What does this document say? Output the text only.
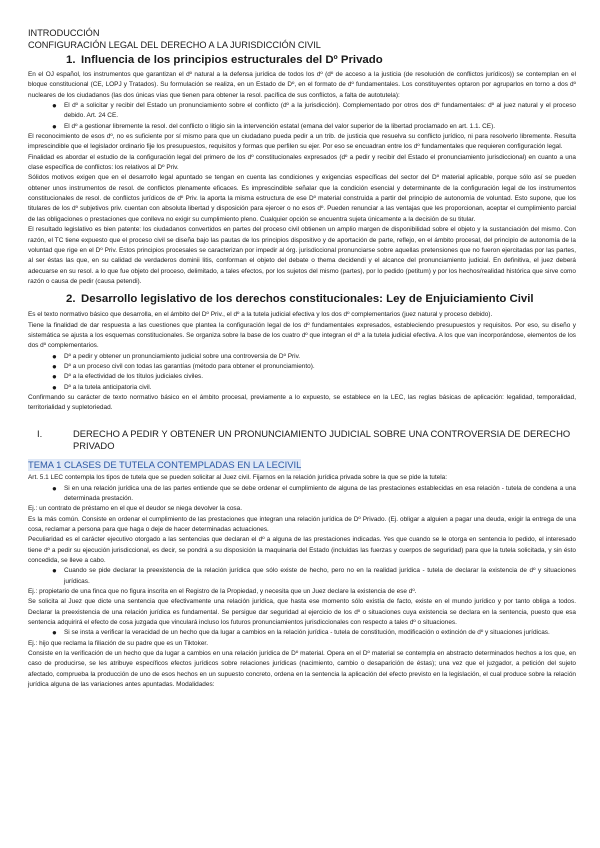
INTRODUCCIÓN
CONFIGURACIÓN LEGAL DEL DERECHO A LA JURISDICCIÓN CIVIL
1. Influencia de los principios estructurales del Dº Privado

En el OJ español, los instrumentos que garantizan el dº natural a la defensa jurídica de todos los dº (dº de acceso a la justicia (de resolución de conflictos jurídicos)) se contemplan en el bloque constitucional (CE, LOPJ y Tratados). Su formulación se realiza, en un Estado de Dº, en el formato de dº fundamentales. Los constituyentes optaron por agruparlos en torno a dos dº nucleares de los ciudadanos (las dos únicas vías que tienen para obtener la resol. pacífica de sus conflictos, a falta de autotutela):

● El dº a solicitar y recibir del Estado un pronunciamiento sobre el conflicto (dº a la jurisdicción). Complementado por otros dos dº fundamentales: dº al juez natural y el proceso debido. Art. 24 CE.
● El dº a gestionar libremente la resol. del conflicto o litigio sin la intervención estatal (emana del valor superior de la libertad proclamado en art. 1.1. CE).

El reconocimiento de esos dº, no es suficiente por sí mismo para que un ciudadano pueda pedir a un trib. de justicia que resuelva su conflicto jurídico, ni para resolverlo libremente. Resulta imprescindible que el legislador ordinario fije los presupuestos, requisitos y formas que perfilen su ejer. Por eso se encuadran entre los dº fundamentales que requieren configuración legal.

Finalidad es abordar el estudio de la configuración legal del primero de los dº constitucionales expresados (dº a pedir y recibir del Estado el pronunciamiento jurisdiccional) en cuanto a una clase específica de conflictos: los relativos al Dº Priv.

Sólidos motivos exigen que en el desarrollo legal apuntado se tengan en cuenta las condiciones y exigencias específicas del sector del Dº material aplicable, porque sólo así se pueden obtener unos instrumentos de resol. de conflictos plenamente eficaces. Es imprescindible señalar que la condición esencial y determinante de la configuración legal de los instrumentos constitucionales de resol. de conflictos jurídicos de dº Priv. la aporta la misma estructura de ese Dº material construida a partir del principio de autonomía de voluntad. Esto supone, que los titulares de los dº subjetivos priv. cuentan con absoluta libertad y disposición para ejercer o no esos dº. Pueden renunciar a las ventajas que les proporcionan, aceptar el cumplimiento parcial de las obligaciones o prestaciones que conlleva no exigir su cumplimiento pleno. Cualquier opción se encuentra sujeta únicamente a la decisión de su titular.

El resultado legislativo es bien patente: los ciudadanos convertidos en partes del proceso civil obtienen un amplio margen de disponibilidad sobre el objeto y la sustanciación del mismo. Con razón, el TC tiene expuesto que el proceso civil se diseña bajo las pautas de los principios dispositivo y de aportación de parte, reflejo, en el ámbito procesal, del principio de autonomía de la voluntad que rige en el Dº Priv. Estos principios procesales se caracterizan por impedir al órg. jurisdiccional pronunciarse sobre aquellas pretensiones que no fueron ejercitadas por las partes, al ser éstas las que, en su calidad de verdaderos dominii litis, conforman el objeto del debate o thema decidendi y el alcance del pronunciamiento judicial. En definitiva, el juez deberá adecuarse en su resol. a lo que fue objeto del proceso, delimitado, a tales efectos, por los sujetos del mismo (partes), por lo pedido (petitum) y por los hechos/realidad histórica que sirve como razón o causa de pedir (causa petendi).

2. Desarrollo legislativo de los derechos constitucionales: Ley de Enjuiciamiento Civil

Es el texto normativo básico que desarrolla, en el ámbito del Dº Priv., el dº a la tutela judicial efectiva y los dos dº complementarios (juez natural y proceso debido).

Tiene la finalidad de dar respuesta a las cuestiones que plantea la configuración legal de los dº fundamentales expresados, estableciendo presupuestos y requisitos. Por eso, su diseño y sistemática se ajusta a los esquemas constitucionales. Se organiza sobre la base de los cuatro dº que integran el dº a la tutela judicial efectiva. A los que van incorporándose, elementos de los dos dº complementarios.

● Dº a pedir y obtener un pronunciamiento judicial sobre una controversia de Dº Priv.
● Dº a un proceso civil con todas las garantías (método para obtener el pronunciamiento).
● Dº a la efectividad de los títulos judiciales civiles.
● Dº a la tutela anticipatoria civil.

Confirmando su carácter de texto normativo básico en el ámbito procesal, previamente a lo expuesto, se establece en la LEC, las reglas básicas de aplicación: legalidad, temporalidad, territorialidad y supletoriedad.

I.	DERECHO A PEDIR Y OBTENER UN PRONUNCIAMIENTO JUDICIAL SOBRE UNA CONTROVERSIA DE DERECHO PRIVADO
TEMA 1 CLASES DE TUTELA CONTEMPLADAS EN LA LECIVIL

Art. 5.1 LEC contempla los tipos de tutela que se pueden solicitar al Juez civil. Fijarnos en la relación jurídica privada sobre la que se pide la tutela:

● Si en una relación jurídica una de las partes entiende que se debe ordenar el cumplimiento de alguna de las prestaciones establecidas en esa relación - tutela de condena a una determinada prestación.

Ej.: un contrato de préstamo en el que el deudor se niega devolver la cosa.

Es la más común. Consiste en ordenar el cumplimiento de las prestaciones que integran una relación jurídica de Dº Privado. (Ej. obligar a alguien a pagar una deuda, exigir la entrega de una cosa, reclamar a persona para que haga o deje de hacer determinadas actuaciones.

Peculiaridad es el carácter ejecutivo otorgado a las sentencias que declaran el dº a alguna de las prestaciones indicadas. Yes que cuando se le otorga en sentencia lo pedido, el interesado tiene dº a pedir su ejecución jurisdiccional, es decir, se pondrá a su disposición la maquinaria del Estado (incluidas las fuerzas y cuerpos de seguridad) para que la tutela solicitada, y sin ésto concedida, se lleve a cabo.

● Cuando se pide declarar la preexistencia de la relación jurídica que sólo existe de hecho, pero no en la realidad jurídica - tutela de declarar la existencia de dº y situaciones jurídicas.

Ej.: propietario de una finca que no figura inscrita en el Registro de la Propiedad, y necesita que un Juez declare la existencia de ese dº.

Se solicita al Juez que dicte una sentencia que efectivamente una relación jurídica, que hasta ese momento sólo existía de facto, existe en el mundo jurídico y por tanto obliga a todos. Declarar la preexistencia de una relación jurídica es fundamental. Se persigue dar seguridad al ejercicio de los dº o situaciones cuya existencia se declara en la sentencia, puesto que esa sentencia adquirirá el efecto de cosa juzgada que vinculará incluso los futuros pronunciamientos jurisdiccionales con respecto a tales dº o situaciones.

● Si se insta a verificar la veracidad de un hecho que da lugar a cambios en la relación jurídica - tutela de constitución, modificación o extinción de dº y situaciones jurídicas.

Ej.: hijo que reclama la filiación de su padre que es un Tiktoker.

Consiste en la verificación de un hecho que da lugar a cambios en una relación jurídica de Dº material. Opera en el Dº material se contempla en abstracto determinados hechos a los que, en caso de producirse, se les atribuye específicos efectos jurídicos sobre relaciones jurídicas (nacimiento, cambio o desaparición de éstas); una vez que el juzgador, a petición del sujeto afectado, comprueba la producción de uno de esos hechos en un supuesto concreto, ordena en la sentencia la aplicación del efecto previsto en la legislación, el cual produce sobre la relación jurídica alguna de las variaciones antes apuntadas. Modalidades:
